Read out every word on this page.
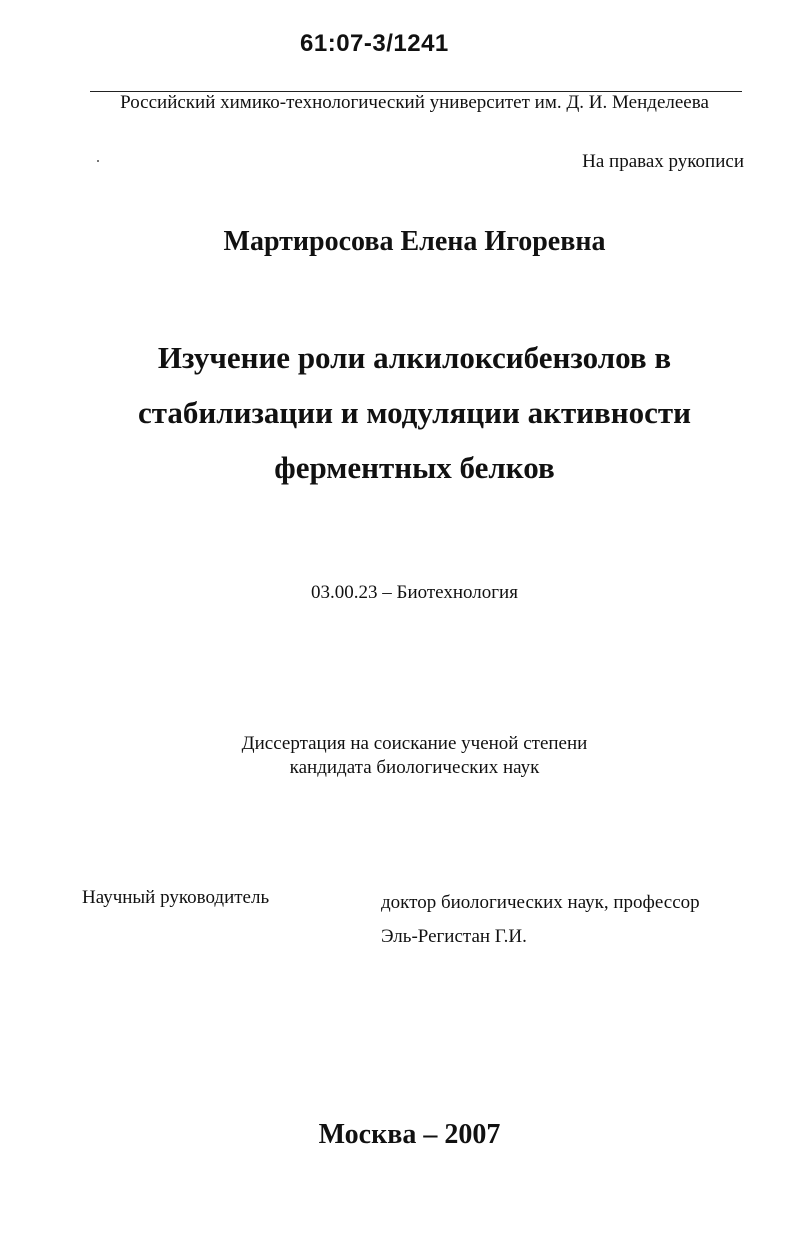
61:07-3/1241
Российский химико-технологический университет им. Д. И. Менделеева
На правах рукописи
Мартиросова Елена Игоревна
Изучение роли алкилоксибензолов в
стабилизации и модуляции активности
ферментных белков
03.00.23 – Биотехнология
Диссертация на соискание ученой степени
кандидата биологических наук
Научный руководитель	доктор биологических наук, профессор
Эль-Регистан Г.И.
Москва – 2007
